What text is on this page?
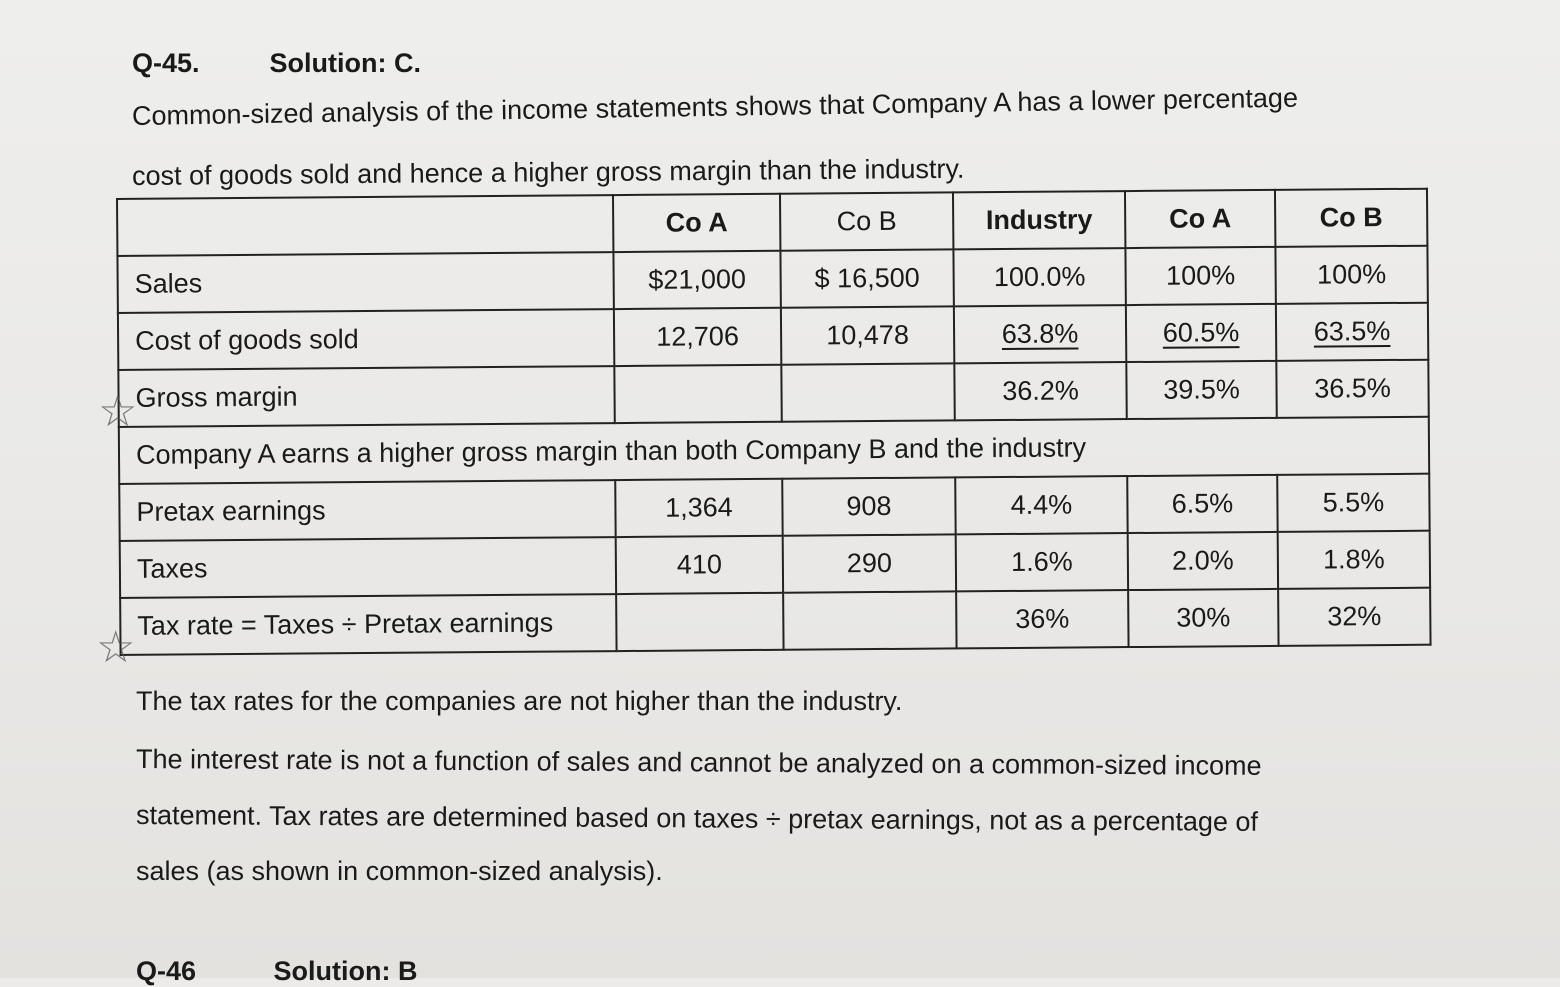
Q-45.	Solution: C.
Common-sized analysis of the income statements shows that Company A has a lower percentage
cost of goods sold and hence a higher gross margin than the industry.
	Co A	Co B	Industry	Co A	Co B
Sales	$21,000	$ 16,500	100.0%	100%	100%
Cost of goods sold	12,706	10,478	63.8%	60.5%	63.5%
Gross margin			36.2%	39.5%	36.5%
Company A earns a higher gross margin than both Company B and the industry					
Pretax earnings	1,364	908	4.4%	6.5%	5.5%
Taxes	410	290	1.6%	2.0%	1.8%
Tax rate = Taxes ÷ Pretax earnings			36%	30%	32%
☆
☆
The tax rates for the companies are not higher than the industry.
The interest rate is not a function of sales and cannot be analyzed on a common-sized income
statement. Tax rates are determined based on taxes ÷ pretax earnings, not as a percentage of
sales (as shown in common-sized analysis).
Q-46	Solution: B
